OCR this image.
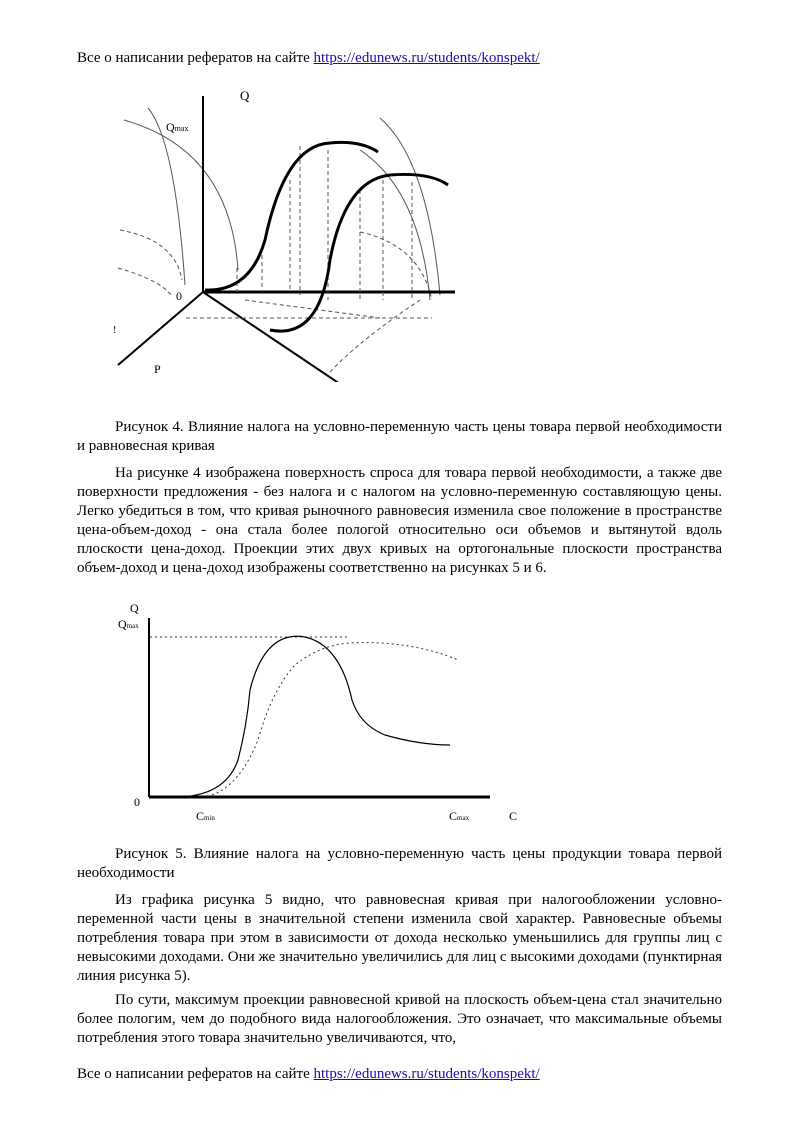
Все о написании рефератов на сайте https://edunews.ru/students/konspekt/
Q
Qmax
0
P
!
Рисунок 4. Влияние налога на условно-переменную часть цены товара первой необходимости и равновесная кривая
На рисунке 4 изображена поверхность спроса для товара первой необходимости, а также две поверхности предложения - без налога и с налогом на условно-переменную составляющую цены. Легко убедиться в том, что кривая рыночного равновесия изменила свое положение в пространстве цена-объем-доход - она стала более пологой относительно оси объемов и вытянутой вдоль плоскости цена-доход. Проекции этих двух кривых на ортогональные плоскости пространства объем-доход и цена-доход изображены соответственно на рисунках 5 и 6.
Q
Qmax
0
Cmin	Cmax	C
Рисунок 5. Влияние налога на условно-переменную часть цены продукции товара первой необходимости
Из графика рисунка 5 видно, что равновесная кривая при налогообложении условно-переменной части цены в значительной степени изменила свой характер. Равновесные объемы потребления товара при этом в зависимости от дохода несколько уменьшились для группы лиц с невысокими доходами. Они же значительно увеличились для лиц с высокими доходами (пунктирная линия рисунка 5).
По сути, максимум проекции равновесной кривой на плоскость объем-цена стал значительно более пологим, чем до подобного вида налогообложения. Это означает, что максимальные объемы потребления этого товара значительно увеличиваются, что,
Все о написании рефератов на сайте https://edunews.ru/students/konspekt/
